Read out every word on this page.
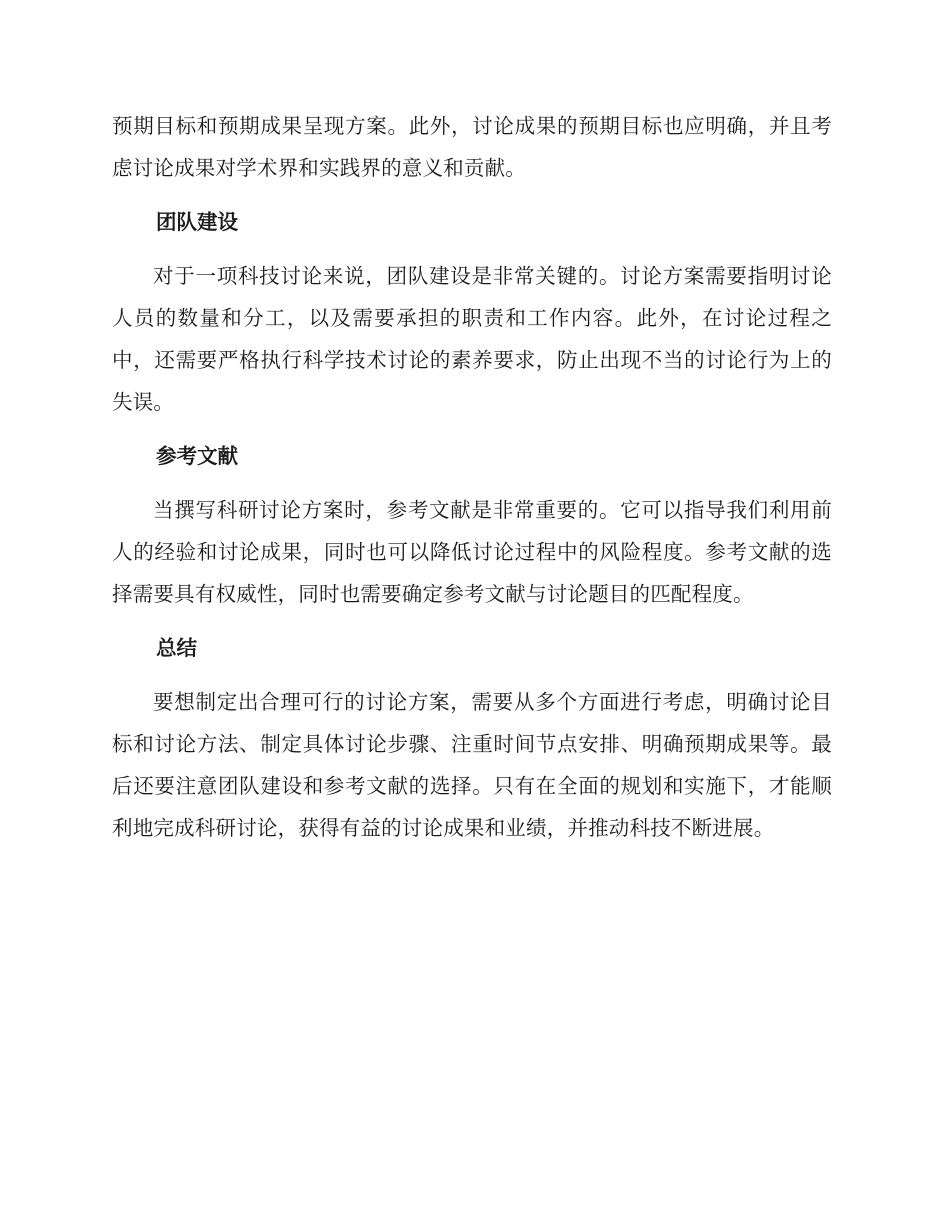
预期目标和预期成果呈现方案。此外，讨论成果的预期目标也应明确，并且考虑讨论成果对学术界和实践界的意义和贡献。

团队建设

对于一项科技讨论来说，团队建设是非常关键的。讨论方案需要指明讨论人员的数量和分工，以及需要承担的职责和工作内容。此外，在讨论过程之中，还需要严格执行科学技术讨论的素养要求，防止出现不当的讨论行为上的失误。

参考文献

当撰写科研讨论方案时，参考文献是非常重要的。它可以指导我们利用前人的经验和讨论成果，同时也可以降低讨论过程中的风险程度。参考文献的选择需要具有权威性，同时也需要确定参考文献与讨论题目的匹配程度。

总结

要想制定出合理可行的讨论方案，需要从多个方面进行考虑，明确讨论目标和讨论方法、制定具体讨论步骤、注重时间节点安排、明确预期成果等。最后还要注意团队建设和参考文献的选择。只有在全面的规划和实施下，才能顺利地完成科研讨论，获得有益的讨论成果和业绩，并推动科技不断进展。
